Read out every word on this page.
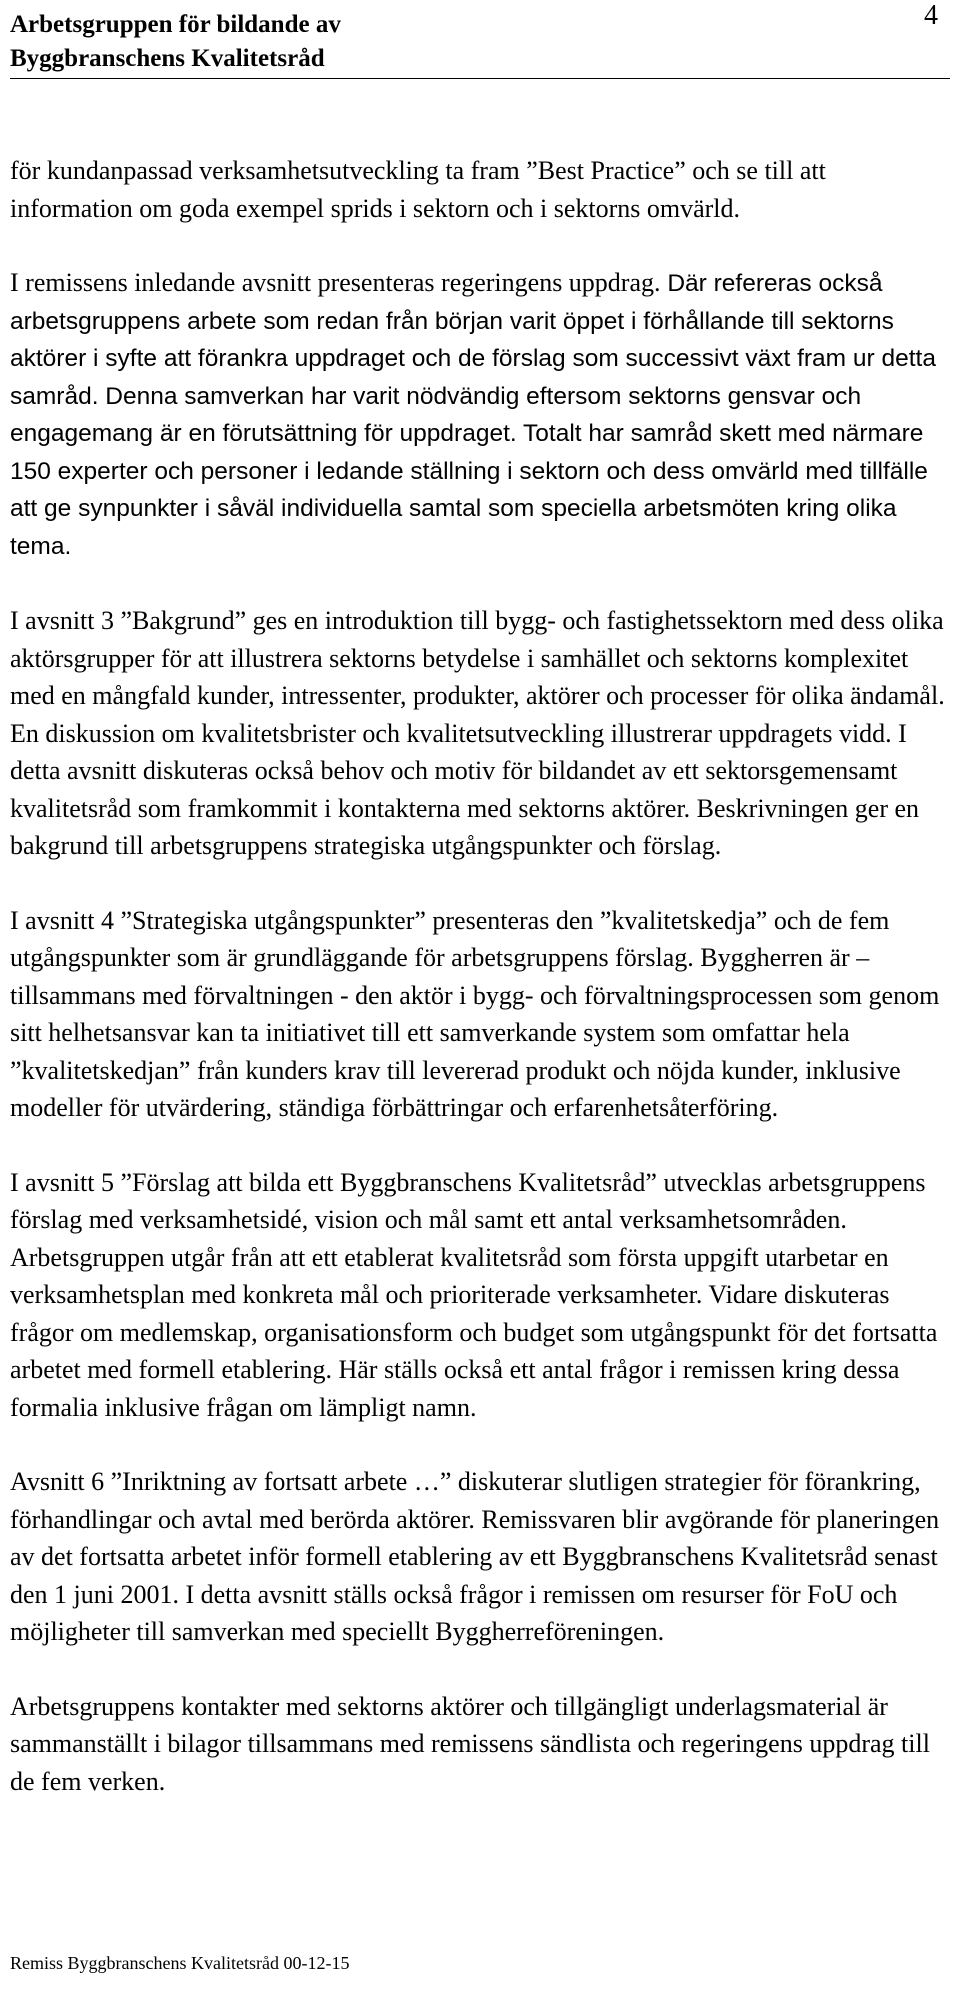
Arbetsgruppen för bildande av
Byggbranschens Kvalitetsråd
4

för kundanpassad verksamhetsutveckling ta fram ”Best Practice” och se till att information om goda exempel sprids i sektorn och i sektorns omvärld.

I remissens inledande avsnitt presenteras regeringens uppdrag. Där refereras också arbetsgruppens arbete som redan från början varit öppet i förhållande till sektorns aktörer i syfte att förankra uppdraget och de förslag som successivt växt fram ur detta samråd. Denna samverkan har varit nödvändig eftersom sektorns gensvar och engagemang är en förutsättning för uppdraget. Totalt har samråd skett med närmare 150 experter och personer i ledande ställning i sektorn och dess omvärld med tillfälle att ge synpunkter i såväl individuella samtal som speciella arbetsmöten kring olika tema.

I avsnitt 3 ”Bakgrund” ges en introduktion till bygg- och fastighetssektorn med dess olika aktörsgrupper för att illustrera sektorns betydelse i samhället och sektorns komplexitet med en mångfald kunder, intressenter, produkter, aktörer och processer för olika ändamål. En diskussion om kvalitetsbrister och kvalitetsutveckling illustrerar uppdragets vidd. I detta avsnitt diskuteras också behov och motiv för bildandet av ett sektorsgemensamt kvalitetsråd som framkommit i kontakterna med sektorns aktörer. Beskrivningen ger en bakgrund till arbetsgruppens strategiska utgångspunkter och förslag.

I avsnitt 4 ”Strategiska utgångspunkter” presenteras den ”kvalitetskedja” och de fem utgångspunkter som är grundläggande för arbetsgruppens förslag. Byggherren är – tillsammans med förvaltningen - den aktör i bygg- och förvaltningsprocessen som genom sitt helhetsansvar kan ta initiativet till ett samverkande system som omfattar hela ”kvalitetskedjan” från kunders krav till levererad produkt och nöjda kunder, inklusive modeller för utvärdering, ständiga förbättringar och erfarenhetsåterföring.

I avsnitt 5 ”Förslag att bilda ett Byggbranschens Kvalitetsråd” utvecklas arbetsgruppens förslag med verksamhetsidé, vision och mål samt ett antal verksamhetsområden. Arbetsgruppen utgår från att ett etablerat kvalitetsråd som första uppgift utarbetar en verksamhetsplan med konkreta mål och prioriterade verksamheter. Vidare diskuteras frågor om medlemskap, organisationsform och budget som utgångspunkt för det fortsatta arbetet med formell etablering. Här ställs också ett antal frågor i remissen kring dessa formalia inklusive frågan om lämpligt namn.

Avsnitt 6 ”Inriktning av fortsatt arbete …” diskuterar slutligen strategier för förankring, förhandlingar och avtal med berörda aktörer. Remissvaren blir avgörande för planeringen av det fortsatta arbetet inför formell etablering av ett Byggbranschens Kvalitetsråd senast den 1 juni 2001. I detta avsnitt ställs också frågor i remissen om resurser för FoU och möjligheter till samverkan med speciellt Byggherreföreningen.

Arbetsgruppens kontakter med sektorns aktörer och tillgängligt underlagsmaterial är sammanställt i bilagor tillsammans med remissens sändlista och regeringens uppdrag till de fem verken.

Remiss Byggbranschens Kvalitetsråd 00-12-15
